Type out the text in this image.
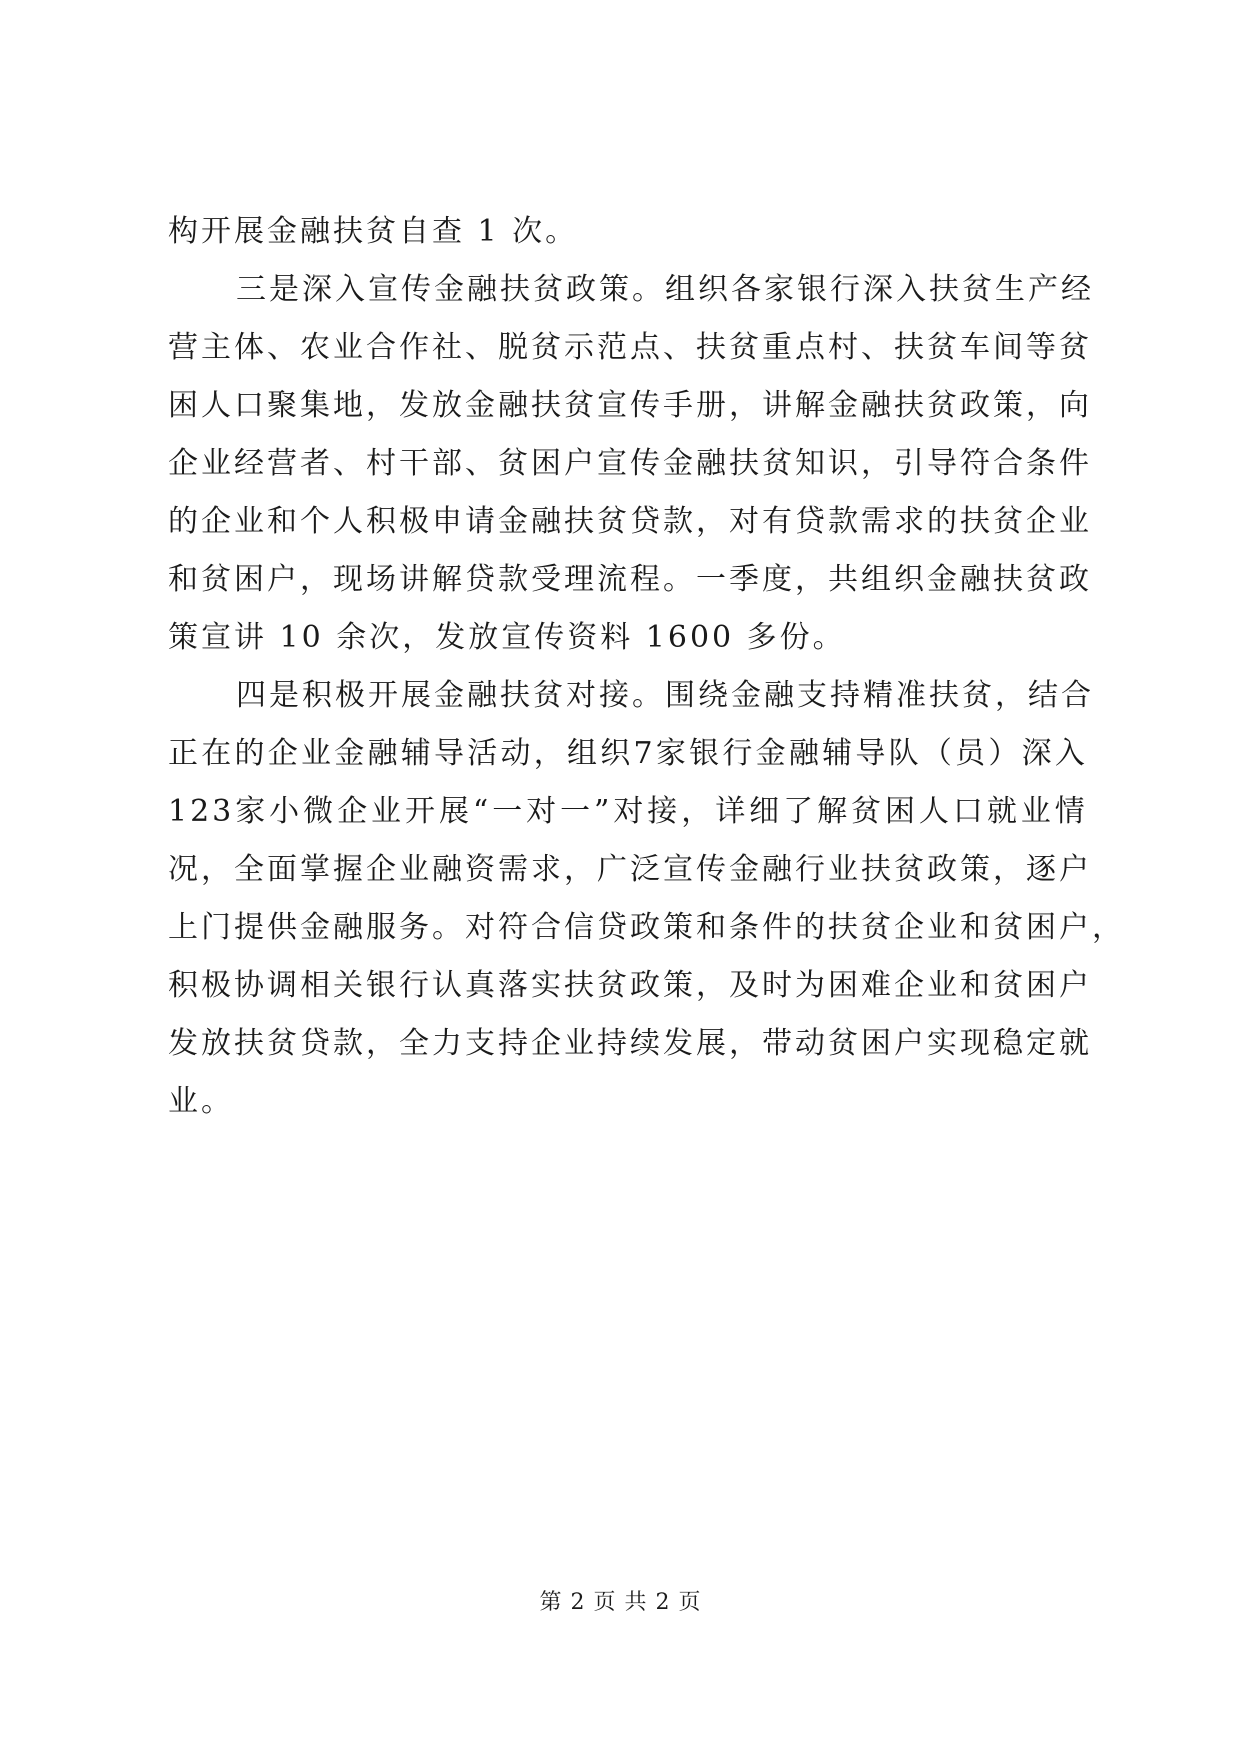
构开展金融扶贫自查 1 次。
三 是 深 入 宣 传 金 融 扶 贫 政 策 。 组 织 各 家 银 行 深 入 扶 贫 生 产 经
营 主 体 、 农 业 合 作 社 、 脱 贫 示 范 点 、 扶 贫 重 点 村 、 扶 贫 车 间 等 贫
困 人 口 聚 集 地 ， 发 放 金 融 扶 贫 宣 传 手 册 ， 讲 解 金 融 扶 贫 政 策 ， 向
企 业 经 营 者 、 村 干 部 、 贫 困 户 宣 传 金 融 扶 贫 知 识 ， 引 导 符 合 条 件
的 企 业 和 个 人 积 极 申 请 金 融 扶 贫 贷 款 ， 对 有 贷 款 需 求 的 扶 贫 企 业
和 贫 困 户 ， 现 场 讲 解 贷 款 受 理 流 程 。 一 季 度 ， 共 组 织 金 融 扶 贫 政
策宣讲 10 余次，发放宣传资料 1600 多份。
四 是 积 极 开 展 金 融 扶 贫 对 接 。 围 绕 金 融 支 持 精 准 扶 贫 ， 结 合
正 在 的 企 业 金 融 辅 导 活 动 ， 组 织 7 家 银 行 金 融 辅 导 队 （ 员 ） 深 入
123 家 小 微 企 业 开 展 “ 一 对 一 ” 对 接 ， 详 细 了 解 贫 困 人 口 就 业 情
况 ， 全 面 掌 握 企 业 融 资 需 求 ， 广 泛 宣 传 金 融 行 业 扶 贫 政 策 ， 逐 户
上 门 提 供 金 融 服 务 。 对 符 合 信 贷 政 策 和 条 件 的 扶 贫 企 业 和 贫 困 户 ，
积 极 协 调 相 关 银 行 认 真 落 实 扶 贫 政 策 ， 及 时 为 困 难 企 业 和 贫 困 户
发 放 扶 贫 贷 款 ， 全 力 支 持 企 业 持 续 发 展 ， 带 动 贫 困 户 实 现 稳 定 就
业。
第 2 页 共 2 页
